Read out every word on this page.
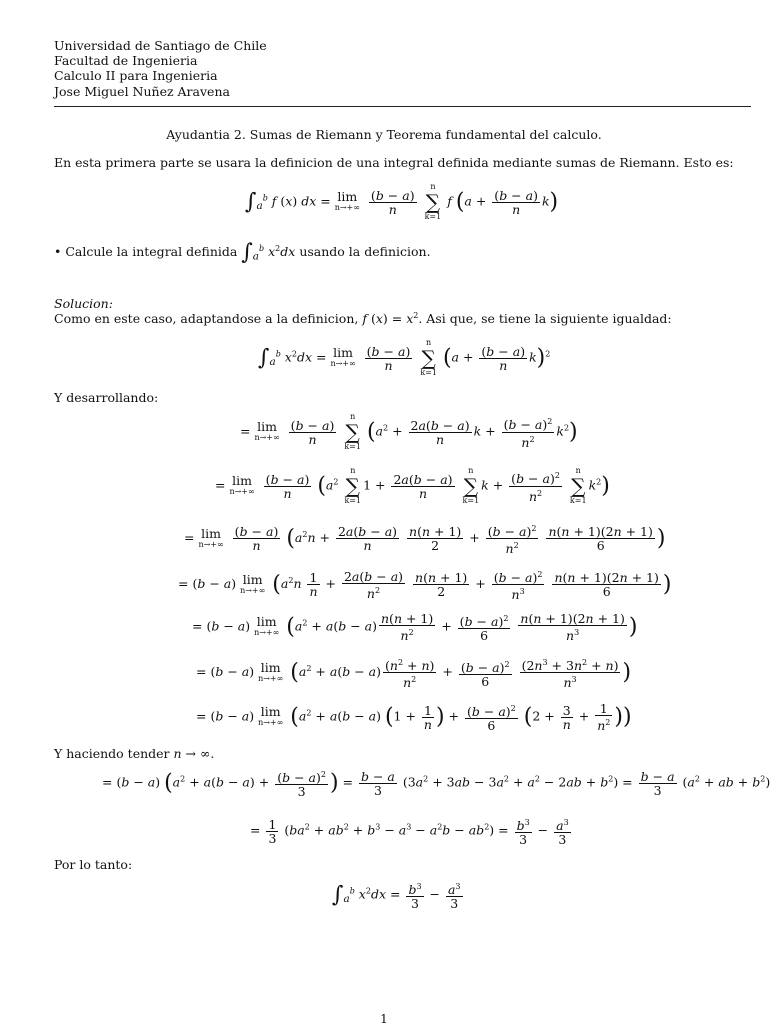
Universidad de Santiago de Chile
Facultad de Ingenieria
Calculo II para Ingenieria
Jose Miguel Nuñez Aravena
Ayudantia 2. Sumas de Riemann y Teorema fundamental del calculo.
En esta primera parte se usara la definicion de una integral definida mediante sumas de Riemann. Esto es:
$\int_a^b$ f (x) dx = lim
n→+∞
$\frac{(b - a)}{n}$

n
∑
k=1
f $(a + \frac{(b - a)}{n} k)$
• Calcule la integral definida $\int_a^b$ $x^2dx$ usando la definicion.
Solucion:
Como en este caso, adaptandose a la definicion, f $(x) = x^2$. Asi que, se tiene la siguiente igualdad:
$\int_a^b$ $x^2dx = \lim$
n→+∞
$\frac{(b - a)}{n}$

n
∑
k=1
$(a + \frac{(b - a)}{n} k)^2$
Y desarrollando:
= lim
n→+∞
$\frac{(b - a)}{n}$

n
∑
k=1
($a^2 + \frac{2a(b - a)}{n}$ $k + \frac{(b - a)^2}{n^2} k^2$)
= lim
n→+∞
$\frac{(b - a)}{n} (a^2$
n
∑
k=1
$1 + \frac{2a(b - a)}{n}$

n
∑
k=1
$k + \frac{(b - a)^2}{n^2}$
	n
∑
k=1
$k^2$)
= lim
n→+∞
$\frac{(b - a)}{n} (a^2n + \frac{2a(b - a)}{n}$
$\frac{n(n + 1)}{2} + \frac{(b - a)^2}{n^2}$
$\frac{n(n + 1)(2n + 1)}{6}$ )
= (b − a) lim
n→+∞ ($a^2n \frac{1}{n} + \frac{2a(b - a)}{n^2}$
$\frac{n(n + 1)}{2} + \frac{(b - a)^2}{n^3}$
$\frac{n(n + 1)(2n + 1)}{6}$ )
= (b − a) lim
n→+∞ ($a^2 + a(b - a) \frac{n(n + 1)}{n^2} + \frac{(b - a)^2}{6}$
$\frac{n(n + 1)(2n + 1)}{n^3}$ )
= (b − a) lim
n→+∞ ($a^2 + a(b - a) \frac{(n^2 + n)}{n^2} + \frac{(b - a)^2}{6}$
$\frac{(2n^3 + 3n^2 + n)}{n^3}$ )
= (b − a) lim
n→+∞ ($a^2 + a(b - a) (1 + \frac{1}{n}$ ) + $\frac{(b - a)^2}{6} (2 + \frac{3}{n} + \frac{1}{n^2}$ ))
Y haciendo tender n → ∞.
= (b − a) ($a^2 + a(b - a) + \frac{(b - a)^2}{3}$ ) = $\frac{b - a}{3} (3a^2 + 3ab - 3a^2 + a^2 - 2ab + b^2) = \frac{b - a}{3} (a^2$ + ab + $b^2$)
= $\frac{1}{3} (ba^2 + ab^2 + b^3 - a^3 - a^2b - ab^2) = \frac{b^3}{3} - \frac{a^3}{3}$
Por lo tanto:
$\int_a^b$ $x^2dx = \frac{b^3}{3} - \frac{a^3}{3}$
1
